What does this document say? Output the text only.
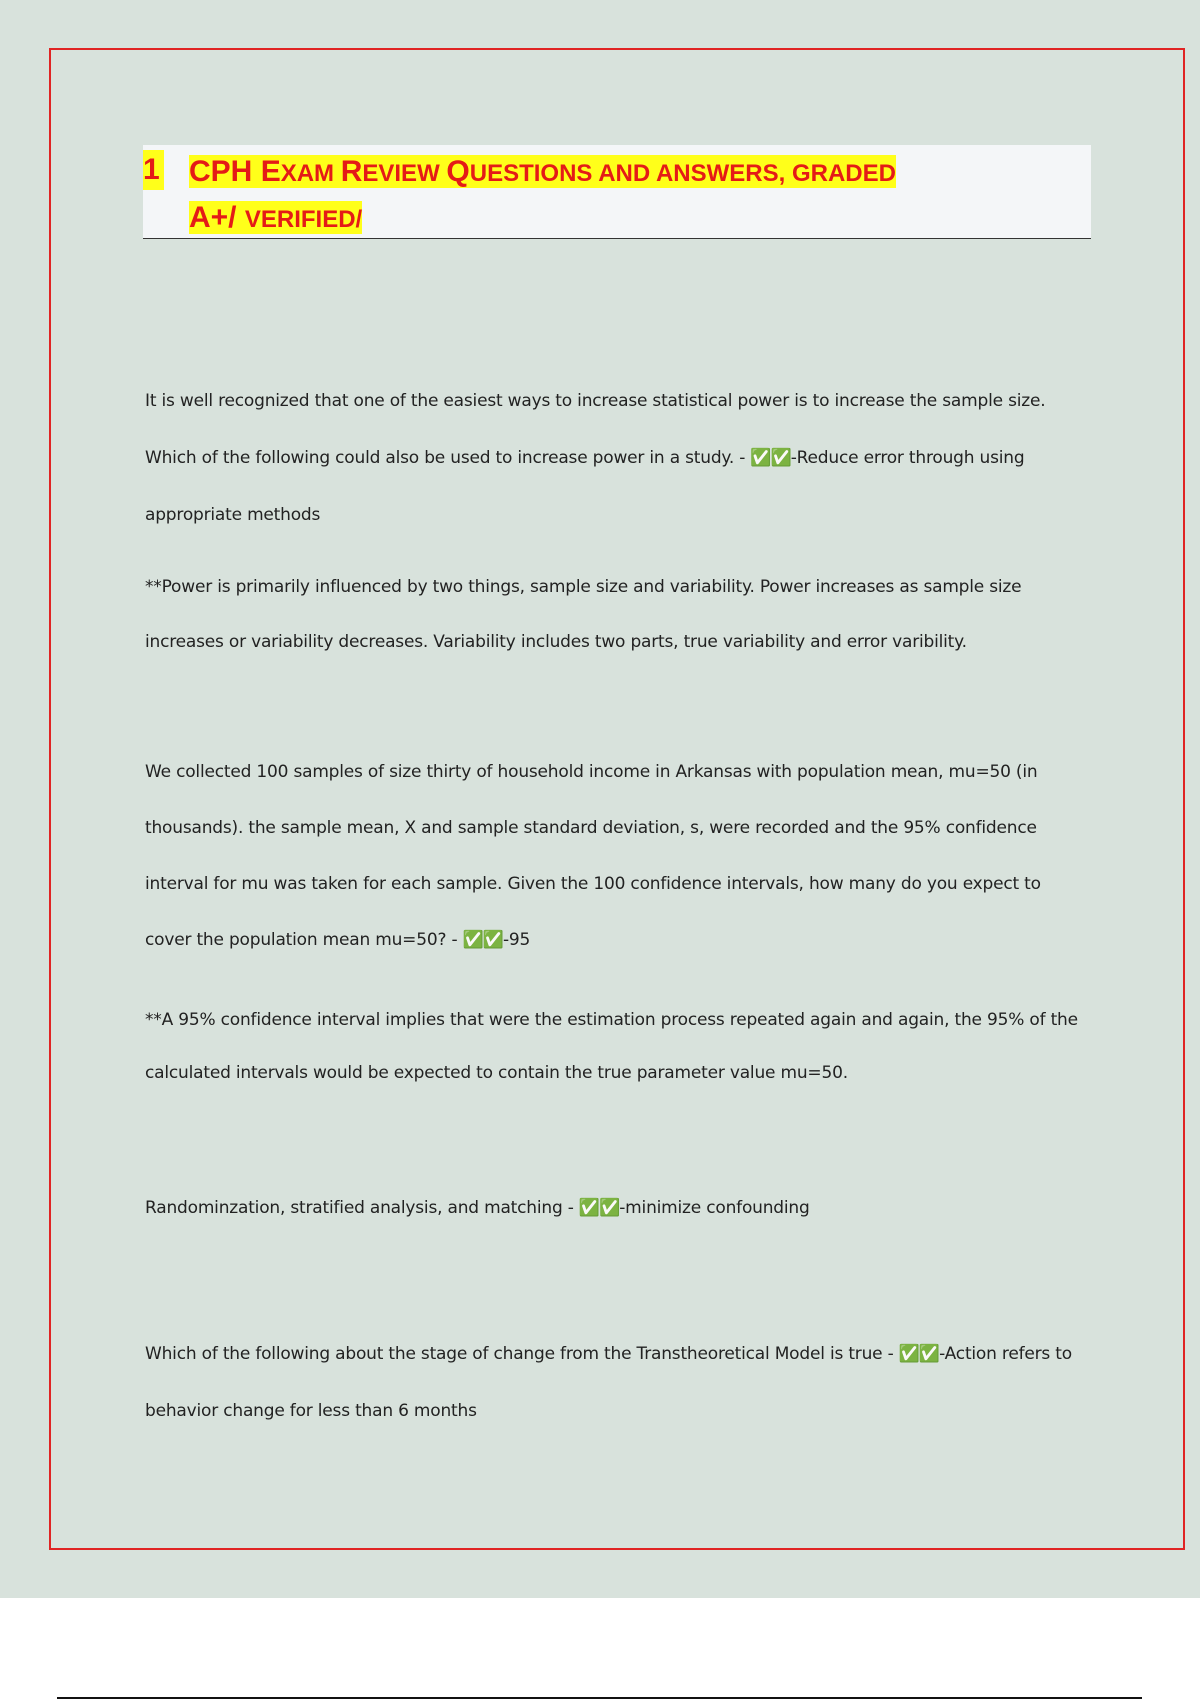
1 CPH EXAM REVIEW QUESTIONS AND ANSWERS, GRADED
A+/ VERIFIED/
It is well recognized that one of the easiest ways to increase statistical power is to increase the sample size. Which of the following could also be used to increase power in a study. - ✅✅-Reduce error through using appropriate methods
**Power is primarily influenced by two things, sample size and variability. Power increases as sample size increases or variability decreases. Variability includes two parts, true variability and error varibility.
We collected 100 samples of size thirty of household income in Arkansas with population mean, mu=50 (in thousands). the sample mean, X and sample standard deviation, s, were recorded and the 95% confidence interval for mu was taken for each sample. Given the 100 confidence intervals, how many do you expect to cover the population mean mu=50? - ✅✅-95
**A 95% confidence interval implies that were the estimation process repeated again and again, the 95% of the calculated intervals would be expected to contain the true parameter value mu=50.
Randominzation, stratified analysis, and matching - ✅✅-minimize confounding
Which of the following about the stage of change from the Transtheoretical Model is true - ✅✅-Action refers to behavior change for less than 6 months
